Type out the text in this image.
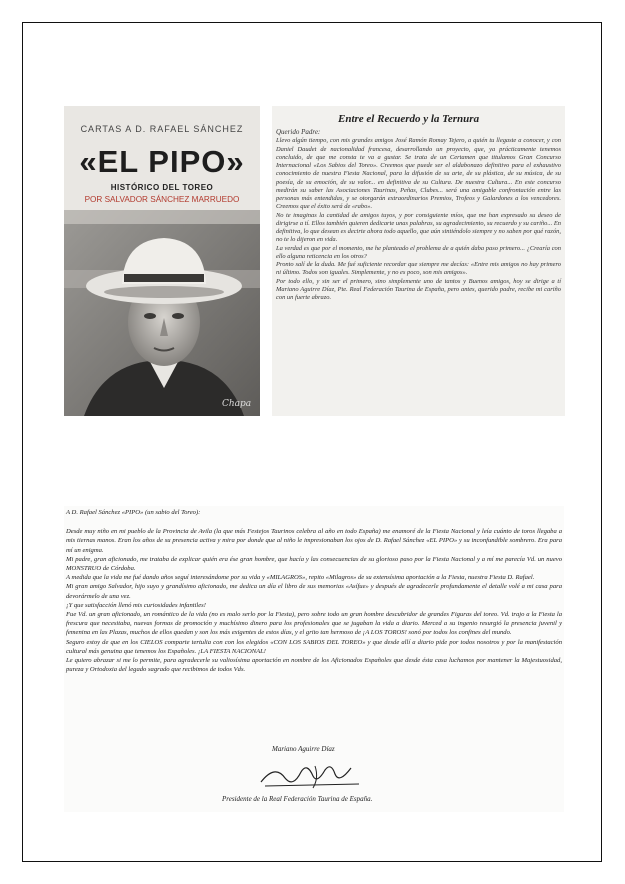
CARTAS A D. RAFAEL SÁNCHEZ
«EL PIPO»
HISTÓRICO DEL TOREO
POR SALVADOR SÁNCHEZ MARRUEDO
Chapa
Entre el Recuerdo y la Ternura

Querido Padre:

Llevo algún tiempo, con mis grandes amigos José Ramón Romay Tejero, a quién tu llegaste a conocer, y con Daniel Daudet de nacionalidad francesa, desarrollando un proyecto, que, ya prácticamente tenemos concluido, de que me consta te va a gustar. Se trata de un Certamen que titulamos Gran Concurso Internacional «Los Sabios del Toreo». Creemos que puede ser el aldabonazo definitivo para el exhaustivo conocimiento de nuestra Fiesta Nacional, para la difusión de su arte, de su plástica, de su música, de su poesía, de su emoción, de su valor... en definitiva de su Cultura. De nuestra Cultura... En este concurso medirán su saber las Asociaciones Taurinas, Peñas, Clubes... será una amigable confrontación entre las personas más entendidas, y se otorgarán extraordinarios Premios, Trofeos y Galardones a los vencedores. Creemos que el éxito será de «rabo».

No te imaginas la cantidad de amigos tuyos, y por consiguiente míos, que me han expresado su deseo de dirigirse a tí. Ellos también quieren dedicarte unas palabras, su agradecimiento, su recuerdo y su cariño... En definitiva, lo que desean es decirte ahora todo aquello, que aún sintiéndolo siempre y no saben por qué razón, no te lo dijeron en vida.

La verdad es que por el momento, me he planteado el problema de a quién daba paso primero... ¿Crearía con ello alguna reticencia en los otros?

Pronto salí de la duda. Me fué suficiente recordar que siempre me decías: «Entre mis amigos no hay primero ni último. Todos son iguales. Simplemente, y no es poco, son mis amigos».

Por todo ello, y sin ser el primero, sino simplemente uno de tantos y Buenos amigos, hoy se dirige a tí Mariano Aguirre Díaz, Pte. Real Federación Taurina de España, pero antes, querido padre, recibe mi cariño con un fuerte abrazo.

A D. Rafael Sánchez «PIPO» (un sabio del Toreo):

Desde muy niño en mi pueblo de la Provincia de Avila (la que más Festejos Taurinos celebra al año en todo España) me enamoré de la Fiesta Nacional y leía cuánto de toros llegaba a mis tiernas manos. Eran los años de su presencia activa y mira por donde que al niño le impresionaban los ojos de D. Rafael Sánchez «EL PIPO» y su inconfundible sombrero. Era para mí un enigma.

Mi padre, gran aficionado, me trataba de explicar quién era ése gran hombre, que hacía y las consecuencias de su glorioso paso por la Fiesta Nacional y a mí me parecía Vd. un nuevo MONSTRUO de Córdoba.

A medida que la vida me fué dando años seguí interesándome por su vida y «MILAGROS», repito «Milagros» de su extensísima aportación a la Fiesta, nuestra Fiesta D. Rafael.

Mi gran amigo Salvador, hijo suyo y grandísimo aficionado, me dedica un día el libro de sus memorias «Asífue» y después de agradecerle profundamente el detalle volé a mi casa para devorármelo de una vez.

¡Y que satisfacción llenó mis curiosidades infantiles!

Fue Vd. un gran aficionado, un romántico de la vida (no es malo serlo por la Fiesta), pero sobre todo un gran hombre descubridor de grandes Figuras del toreo. Vd. trajo a la Fiesta la frescura que necesitaba, nuevas formas de promoción y muchísimo dinero para los profesionales que se jugaban la vida a diario. Merced a su ingenio resurgió la presencia juvenil y femenina en las Plazas, muchos de ellos quedan y son los más exigentes de estos días, y el grito tan hermoso de ¡A LOS TOROS! sonó por todos los confines del mundo.

Seguro estoy de que en los CIELOS comparte tertulia con con los elegidos «CON LOS SABIOS DEL TOREO» y que desde allí a diario pide por todos nosotros y por la manifestación cultural más genuina que tenemos los Españoles. ¡LA FIESTA NACIONAL!

Le quiero abrazar si me lo permite, para agradecerle su valiosísima aportación en nombre de los Aficionados Españoles que desde ésta casa luchamos por mantener la Majestuosidad, pureza y Ortodoxia del legado sagrado que recibimos de todos Vds.

Mariano Aguirre Díaz
Presidente de la Real Federación Taurina de España.
